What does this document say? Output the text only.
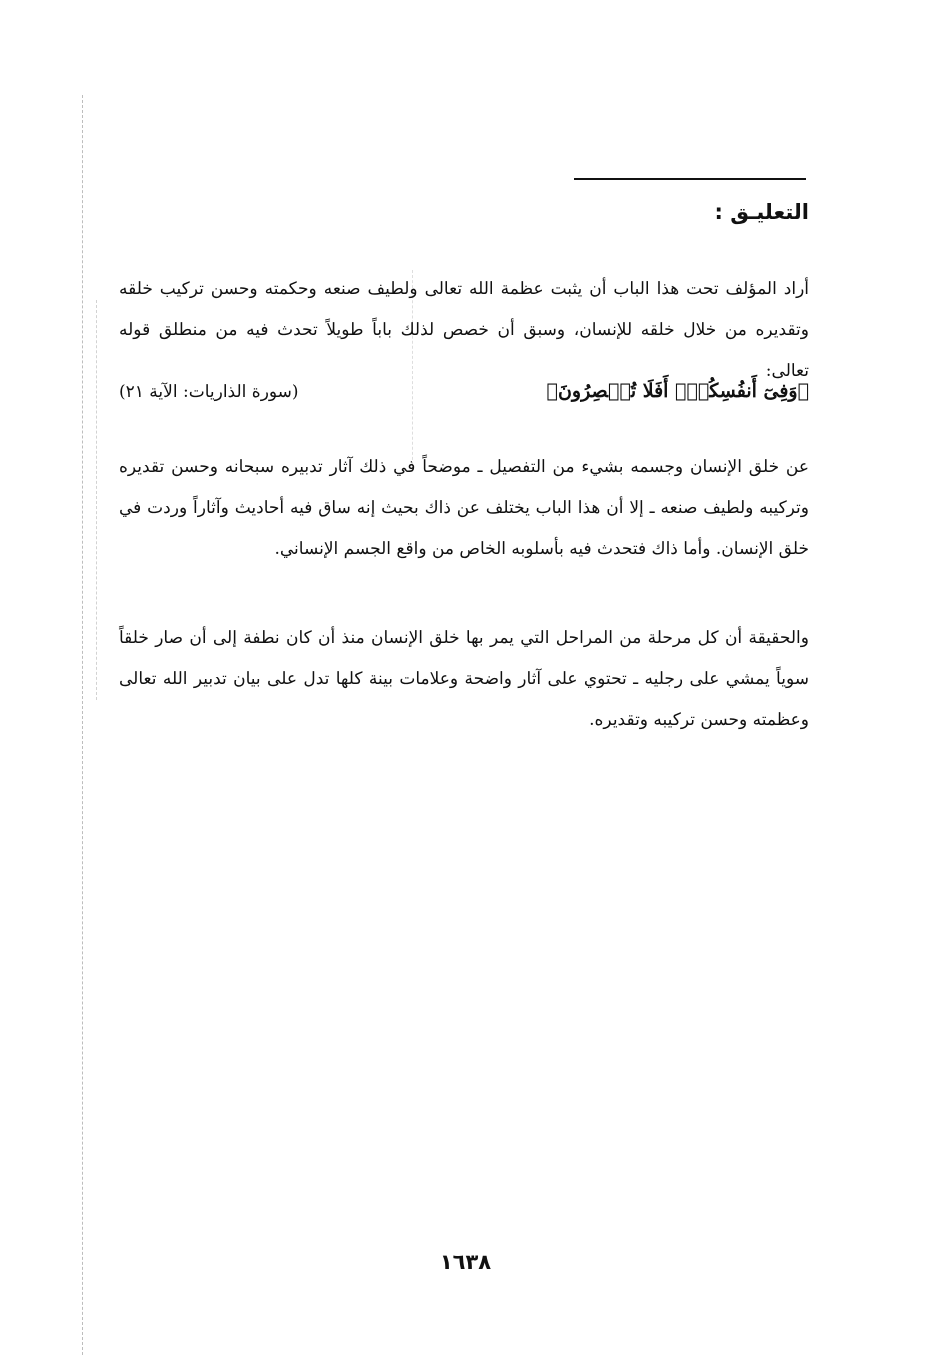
التعليـق :

أراد المؤلف تحت هذا الباب أن يثبت عظمة الله تعالى ولطيف صنعه وحكمته وحسن تركيب خلقه وتقديره من خلال خلقه للإنسان، وسبق أن خصص لذلك باباً طويلاً تحدث فيه من منطلق قوله تعالى:

﴿وَفِىٓ أَنفُسِكُمْۚ أَفَلَا تُبۡصِرُونَ﴾
(سورة الذاريات: الآية ٢١)

عن خلق الإنسان وجسمه بشيء من التفصيل ـ موضحاً في ذلك آثار تدبيره سبحانه وحسن تقديره وتركيبه ولطيف صنعه ـ إلا أن هذا الباب يختلف عن ذاك بحيث إنه ساق فيه أحاديث وآثاراً وردت في خلق الإنسان. وأما ذاك فتحدث فيه بأسلوبه الخاص من واقع الجسم الإنساني.

والحقيقة أن كل مرحلة من المراحل التي يمر بها خلق الإنسان منذ أن كان نطفة إلى أن صار خلقاً سوياً يمشي على رجليه ـ تحتوي على آثار واضحة وعلامات بينة كلها تدل على بيان تدبير الله تعالى وعظمته وحسن تركيبه وتقديره.

١٦٣٨
